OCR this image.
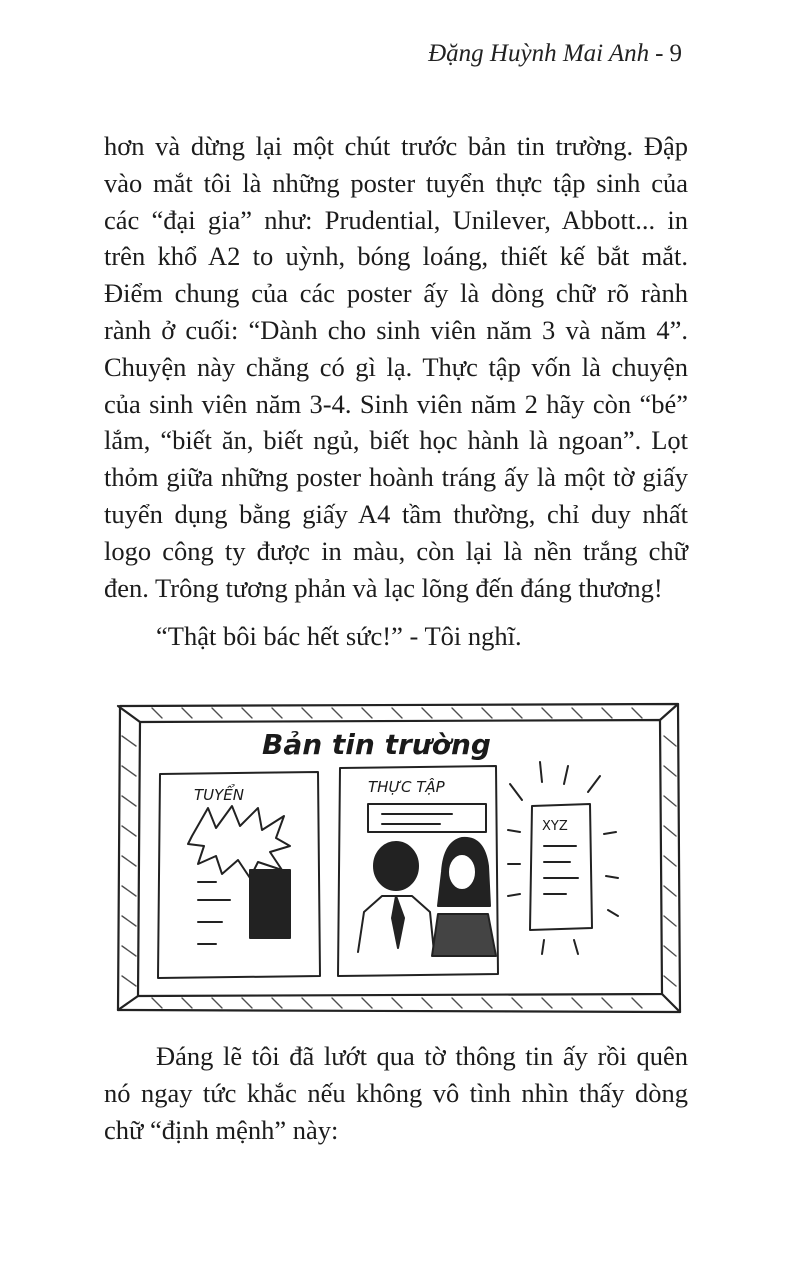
Đặng Huỳnh Mai Anh - 9

hơn và dừng lại một chút trước bản tin trường. Đập vào mắt tôi là những poster tuyển thực tập sinh của các “đại gia” như: Prudential, Unilever, Abbott... in trên khổ A2 to uỳnh, bóng loáng, thiết kế bắt mắt. Điểm chung của các poster ấy là dòng chữ rõ rành rành ở cuối: “Dành cho sinh viên năm 3 và năm 4”. Chuyện này chẳng có gì lạ. Thực tập vốn là chuyện của sinh viên năm 3-4. Sinh viên năm 2 hãy còn “bé” lắm, “biết ăn, biết ngủ, biết học hành là ngoan”. Lọt thỏm giữa những poster hoành tráng ấy là một tờ giấy tuyển dụng bằng giấy A4 tầm thường, chỉ duy nhất logo công ty được in màu, còn lại là nền trắng chữ đen. Trông tương phản và lạc lõng đến đáng thương!

“Thật bôi bác hết sức!” - Tôi nghĩ.

Bản tin trường
TUYỂN	THỰC TẬP
XYZ

Đáng lẽ tôi đã lướt qua tờ thông tin ấy rồi quên nó ngay tức khắc nếu không vô tình nhìn thấy dòng chữ “định mệnh” này:
